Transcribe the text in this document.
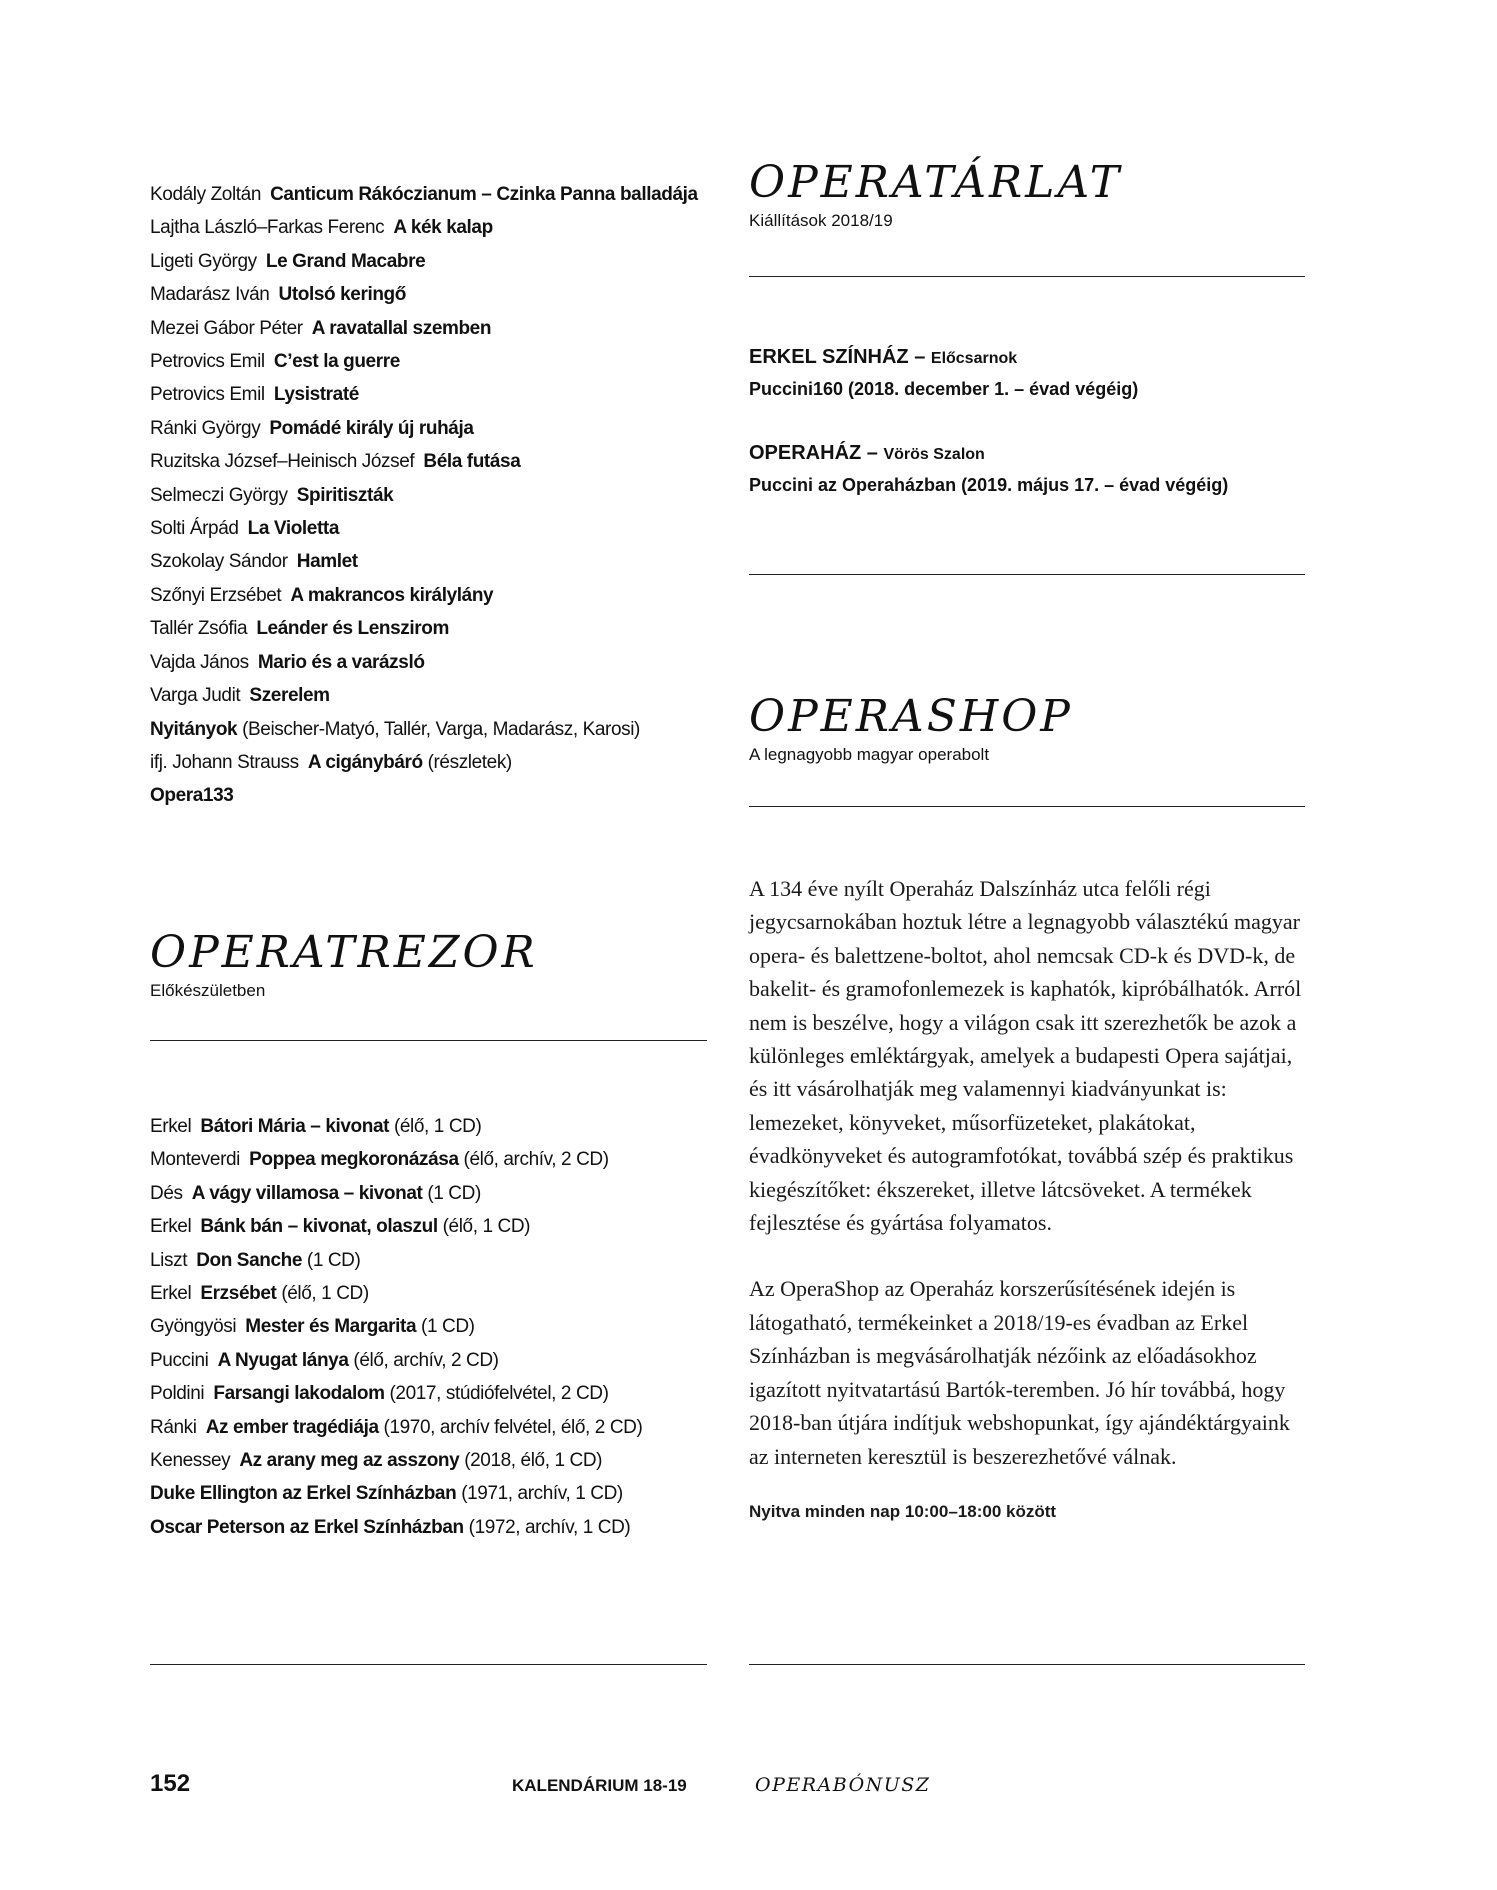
Kodály Zoltán  Canticum Rákóczianum – Czinka Panna balladája
Lajtha László–Farkas Ferenc  A kék kalap
Ligeti György  Le Grand Macabre
Madarász Iván  Utolsó keringő
Mezei Gábor Péter  A ravatallal szemben
Petrovics Emil  C’est la guerre
Petrovics Emil  Lysistraté
Ránki György  Pomádé király új ruhája
Ruzitska József–Heinisch József  Béla futása
Selmeczi György  Spiritiszták
Solti Árpád  La Violetta
Szokolay Sándor  Hamlet
Szőnyi Erzsébet  A makrancos királylány
Tallér Zsófia  Leánder és Lenszirom
Vajda János  Mario és a varázsló
Varga Judit  Szerelem
Nyitányok (Beischer-Matyó, Tallér, Varga, Madarász, Karosi)
ifj. Johann Strauss  A cigánybáró (részletek)
Opera133
OPERATREZOR
Előkészületben
Erkel  Bátori Mária – kivonat (élő, 1 CD)
Monteverdi  Poppea megkoronázása (élő, archív, 2 CD)
Dés  A vágy villamosa – kivonat (1 CD)
Erkel  Bánk bán – kivonat, olaszul (élő, 1 CD)
Liszt  Don Sanche (1 CD)
Erkel  Erzsébet (élő, 1 CD)
Gyöngyösi  Mester és Margarita (1 CD)
Puccini  A Nyugat lánya (élő, archív, 2 CD)
Poldini  Farsangi lakodalom (2017, stúdiófelvétel, 2 CD)
Ránki  Az ember tragédiája (1970, archív felvétel, élő, 2 CD)
Kenessey  Az arany meg az asszony (2018, élő, 1 CD)
Duke Ellington az Erkel Színházban (1971, archív, 1 CD)
Oscar Peterson az Erkel Színházban (1972, archív, 1 CD)
OPERATÁRLAT
Kiállítások 2018/19
ERKEL SZÍNHÁZ – Előcsarnok
Puccini160 (2018. december 1. – évad végéig)
OPERAHÁZ – Vörös Szalon
Puccini az Operaházban (2019. május 17. – évad végéig)
OPERASHOP
A legnagyobb magyar operabolt

A 134 éve nyílt Operaház Dalszínház utca felőli régi jegycsarnokában hoztuk létre a legnagyobb választékú magyar opera- és balettzene-boltot, ahol nemcsak CD-k és DVD-k, de bakelit- és gramofonlemezek is kaphatók, kipróbálhatók. Arról nem is beszélve, hogy a világon csak itt szerezhetők be azok a különleges emléktárgyak, amelyek a budapesti Opera sajátjai, és itt vásárolhatják meg valamennyi kiadványunkat is: lemezeket, könyveket, műsorfüzeteket, plakátokat, évadkönyveket és autogramfotókat, továbbá szép és praktikus kiegészítőket: ékszereket, illetve látcsöveket. A termékek fejlesztése és gyártása folyamatos.

Az OperaShop az Operaház korszerűsítésének idején is látogatható, termékeinket a 2018/19-es évadban az Erkel Színházban is megvásárolhatják nézőink az előadásokhoz igazított nyitvatartású Bartók-teremben. Jó hír továbbá, hogy 2018-ban útjára indítjuk webshopunkat, így ajándéktárgyaink az interneten keresztül is beszerezhetővé válnak.

Nyitva minden nap 10:00–18:00 között

152	KALENDÁRIUM 18-19	OPERABÓNUSZ
